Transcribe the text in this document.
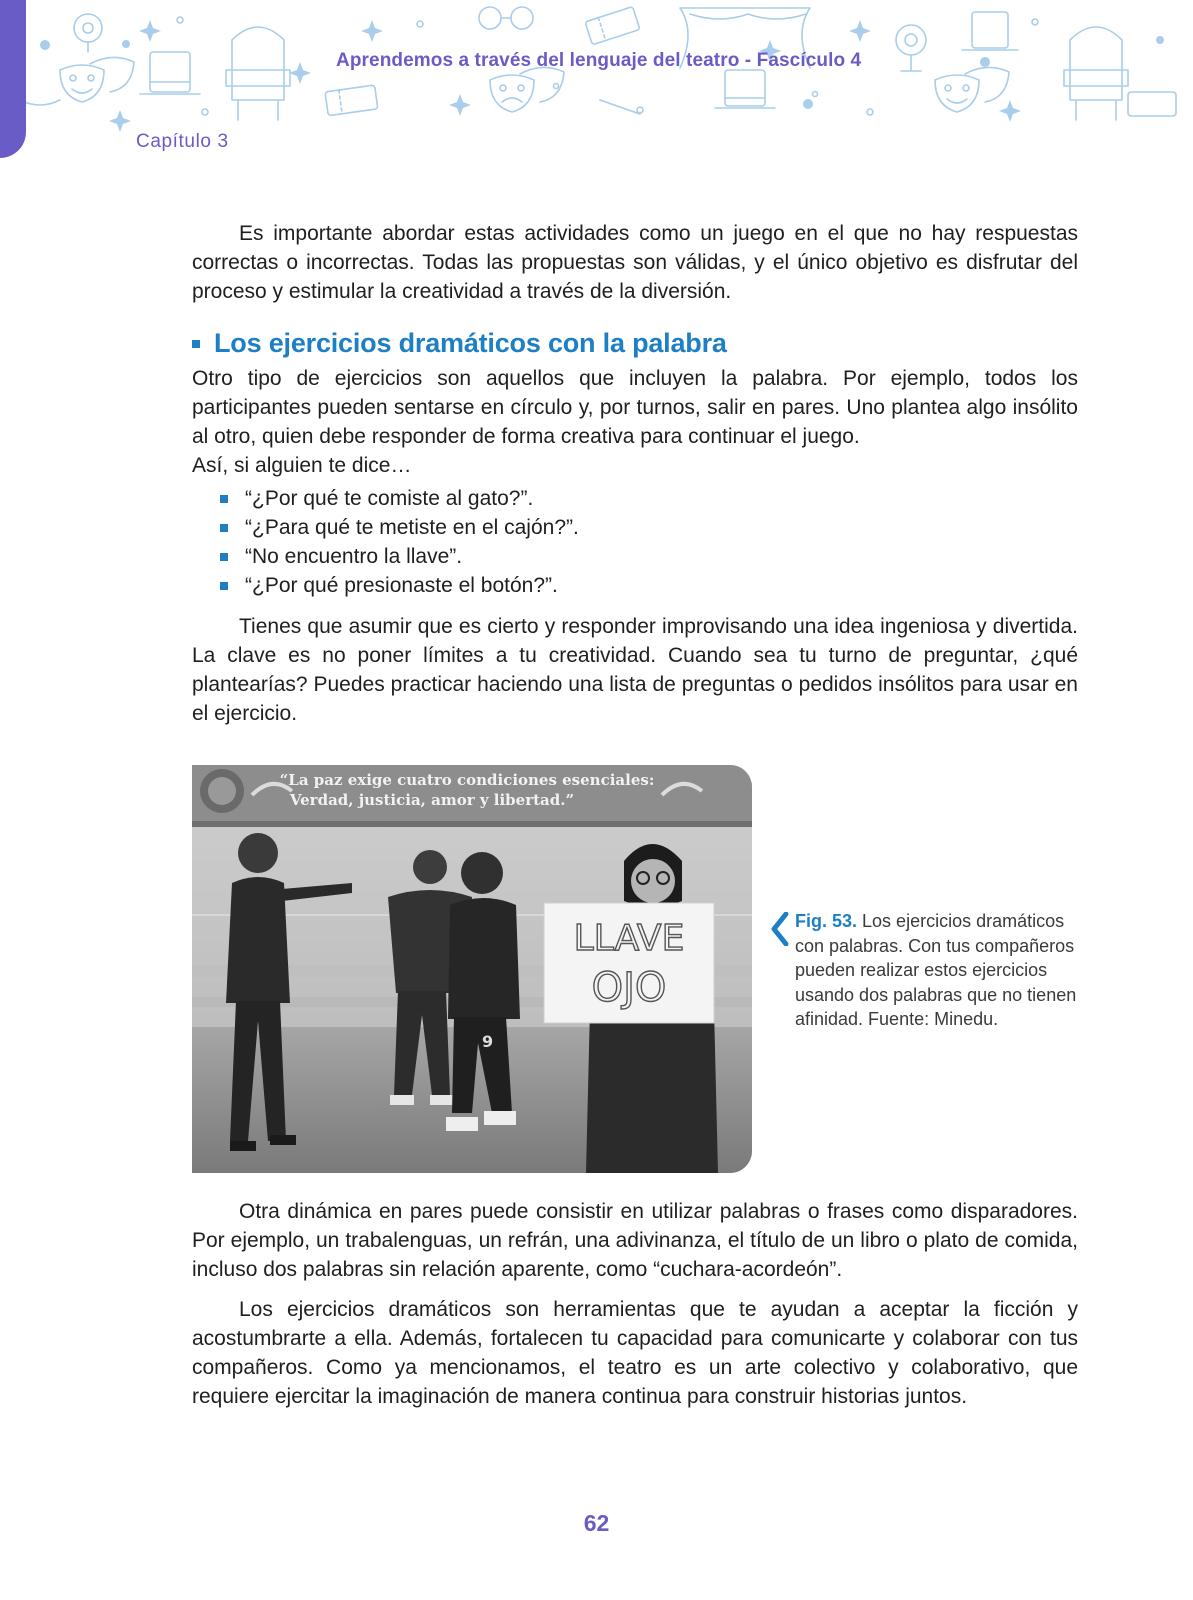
Aprendemos a través del lenguaje del teatro - Fascículo 4
Capítulo 3

Es importante abordar estas actividades como un juego en el que no hay respuestas correctas o incorrectas. Todas las propuestas son válidas, y el único objetivo es disfrutar del proceso y estimular la creatividad a través de la diversión.

Los ejercicios dramáticos con la palabra

Otro tipo de ejercicios son aquellos que incluyen la palabra. Por ejemplo, todos los participantes pueden sentarse en círculo y, por turnos, salir en pares. Uno plantea algo insólito al otro, quien debe responder de forma creativa para continuar el juego.

Así, si alguien te dice…

“¿Por qué te comiste al gato?”.
“¿Para qué te metiste en el cajón?”.
“No encuentro la llave”.
“¿Por qué presionaste el botón?”.

Tienes que asumir que es cierto y responder improvisando una idea ingeniosa y divertida. La clave es no poner límites a tu creatividad. Cuando sea tu turno de preguntar, ¿qué plantearías? Puedes practicar haciendo una lista de preguntas o pedidos insólitos para usar en el ejercicio.

“La paz exige cuatro condiciones esenciales:
Verdad, justicia, amor y libertad.”
9
LLAVE
OJO
Fig. 53. Los ejercicios dramáticos con palabras. Con tus compañeros pueden realizar estos ejercicios usando dos palabras que no tienen afinidad. Fuente: Minedu.

Otra dinámica en pares puede consistir en utilizar palabras o frases como disparadores. Por ejemplo, un trabalenguas, un refrán, una adivinanza, el título de un libro o plato de comida, incluso dos palabras sin relación aparente, como “cuchara-acordeón”.

Los ejercicios dramáticos son herramientas que te ayudan a aceptar la ficción y acostumbrarte a ella. Además, fortalecen tu capacidad para comunicarte y colaborar con tus compañeros. Como ya mencionamos, el teatro es un arte colectivo y colaborativo, que requiere ejercitar la imaginación de manera continua para construir historias juntos.

62
